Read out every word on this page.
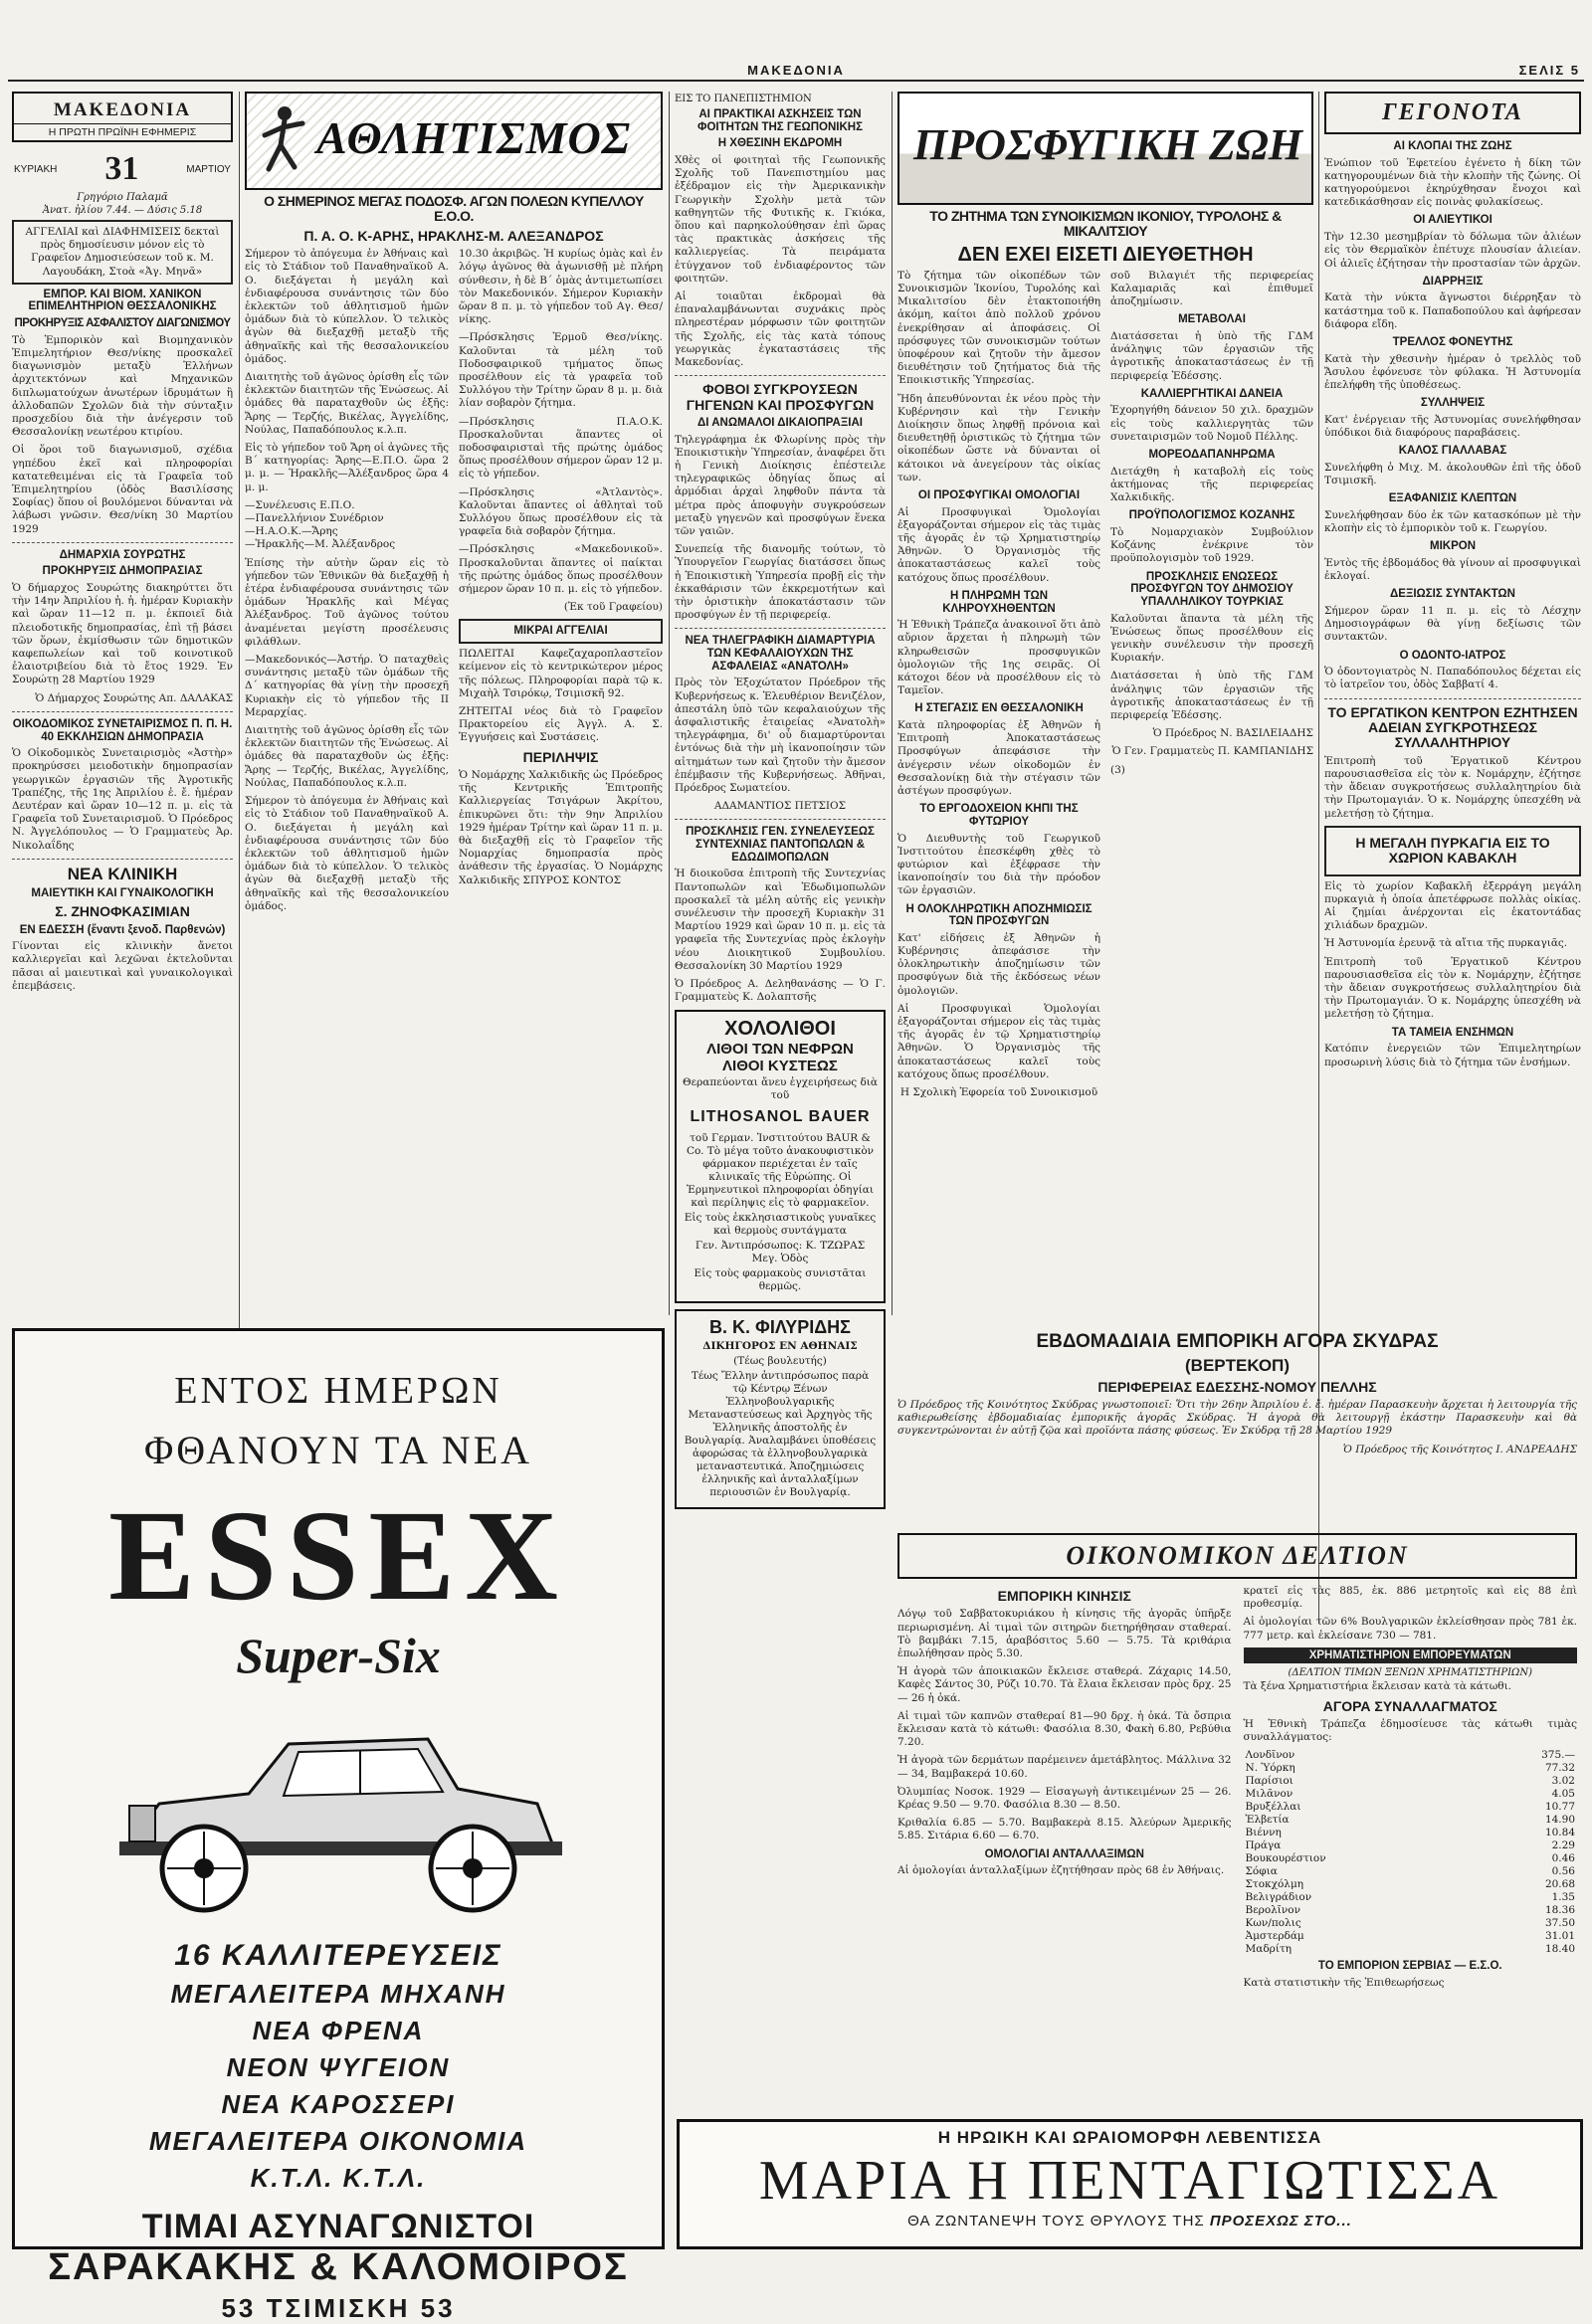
ΜΑΚΕΔΟΝΙΑ	ΣΕΛΙΣ 5
ΜΑΚΕΔΟΝΙΑ
Η ΠΡΩΤΗ ΠΡΩΪΝΗ ΕΦΗΜΕΡΙΣ
ΚΥΡΙΑΚΗ 31	ΜΑΡΤΙΟΥ
Γρηγόριο Παλαμᾶ
Ἀνατ. ἡλίου 7.44. — Δύσις 5.18
ΑΓΓΕΛΙΑΙ καὶ ΔΙΑΦΗΜΙΣΕΙΣ δεκταὶ πρὸς δημοσίευσιν μόνον εἰς τὸ Γραφεῖον Δημοσιεύσεων τοῦ κ. Μ. Λαγουδάκη, Στοὰ «Ἀγ. Μηνᾶ»
ΕΜΠΟΡ. ΚΑΙ ΒΙΟΜ. ΧΑΝΙΚΟΝ ΕΠΙΜΕΛΗΤΗΡΙΟΝ ΘΕΣΣΑΛΟΝΙΚΗΣ
ΠΡΟΚΗΡΥΞΙΣ ΑΣΦΑΛΙΣΤΟΥ ΔΙΑΓΩΝΙΣΜΟΥ

Τὸ Ἐμπορικὸν καὶ Βιομηχανικὸν Ἐπιμελητήριον Θεσ/νίκης προσκαλεῖ διαγωνισμὸν μεταξὺ Ἑλλήνων ἀρχιτεκτόνων καὶ Μηχανικῶν διπλωματούχων ἀνωτέρων ἱδρυμάτων ἢ ἀλλοδαπῶν Σχολῶν διὰ τὴν σύνταξιν προσχεδίου διὰ τὴν ἀνέγερσιν τοῦ Θεσσαλονίκῃ νεωτέρου κτιρίου.

Οἱ ὅροι τοῦ διαγωνισμοῦ, σχέδια γηπέδου ἐκεῖ καὶ πληροφορίαι κατατεθειμέναι εἰς τὰ Γραφεῖα τοῦ Ἐπιμελητηρίου (ὁδὸς Βασιλίσσης Σοφίας) ὅπου οἱ βουλόμενοι δύνανται νὰ λάβωσι γνῶσιν. Θεσ/νίκη 30 Μαρτίου 1929

ΔΗΜΑΡΧΙΑ ΣΟΥΡΩΤΗΣ
ΠΡΟΚΗΡΥΞΙΣ ΔΗΜΟΠΡΑΣΙΑΣ

Ὁ δήμαρχος Σουρώτης διακηρύττει ὅτι τὴν 14ην Ἀπριλίου ἡ. ἡ. ἡμέραν Κυριακὴν καὶ ὥραν 11—12 π. μ. ἐκποιεῖ διὰ πλειοδοτικῆς δημοπρασίας, ἐπὶ τῇ βάσει τῶν ὅρων, ἐκμίσθωσιν τῶν δημοτικῶν καφεπωλείων καὶ τοῦ κοινοτικοῦ ἐλαιοτριβείου διὰ τὸ ἔτος 1929. Ἐν Σουρώτῃ 28 Μαρτίου 1929

Ὁ Δήμαρχος Σουρώτης Απ. ΔΑΛΑΚΑΣ

ΟΙΚΟΔΟΜΙΚΟΣ ΣΥΝΕΤΑΙΡΙΣΜΟΣ Π. Π. Η. 40 ΕΚΚΛΗΣΙΩΝ ΔΗΜΟΠΡΑΣΙΑ

Ὁ Οἰκοδομικὸς Συνεταιρισμὸς «Ἀστὴρ» προκηρύσσει μειοδοτικὴν δημοπρασίαν γεωργικῶν ἐργασιῶν τῆς Ἀγροτικῆς Τραπέζης, τῆς 1ης Ἀπριλίου ἐ. ἔ. ἡμέραν Δευτέραν καὶ ὥραν 10—12 π. μ. εἰς τὰ Γραφεῖα τοῦ Συνεταιρισμοῦ. Ὁ Πρόεδρος Ν. Ἀγγελόπουλος — Ὁ Γραμματεὺς Ἀρ. Νικολαΐδης

ΝΕΑ ΚΛΙΝΙΚΗ
ΜΑΙΕΥΤΙΚΗ ΚΑΙ ΓΥΝΑΙΚΟΛΟΓΙΚΗ
Σ. ΖΗΝΟΦΚΑΣΙΜΙΑΝ
ΕΝ ΕΔΕΣΣΗ (ἔναντι ξενοδ. Παρθενών)

Γίνονται εἰς κλινικὴν ἄνετοι καλλιεργεῖαι καὶ λεχῶναι ἐκτελοῦνται πᾶσαι αἱ μαιευτικαὶ καὶ γυναικολογικαὶ ἐπεμβάσεις.

ΑΘΛΗΤΙΣΜΟΣ
Ο ΣΗΜΕΡΙΝΟΣ ΜΕΓΑΣ ΠΟΔΟΣΦ. ΑΓΩΝ ΠΟΛΕΩΝ ΚΥΠΕΛΛΟΥ Ε.Ο.Ο.
Π. Α. Ο. Κ-ΑΡΗΣ, ΗΡΑΚΛΗΣ-Μ. ΑΛΕΞΑΝΔΡΟΣ

Σήμερον τὸ ἀπόγευμα ἐν Ἀθήναις καὶ εἰς τὸ Στάδιον τοῦ Παναθηναϊκοῦ Α. Ο. διεξάγεται ἡ μεγάλη καὶ ἐνδιαφέρουσα συνάντησις τῶν δύο ἐκλεκτῶν τοῦ ἀθλητισμοῦ ἡμῶν ὁμάδων διὰ τὸ κύπελλον. Ὁ τελικὸς ἀγὼν θὰ διεξαχθῇ μεταξὺ τῆς ἀθηναϊκῆς καὶ τῆς θεσσαλονικείου ὁμάδος.

Διαιτητὴς τοῦ ἀγῶνος ὀρίσθη εἷς τῶν ἐκλεκτῶν διαιτητῶν τῆς Ἑνώσεως. Αἱ ὁμάδες θὰ παραταχθοῦν ὡς ἑξῆς: Ἄρης — Τερζής, Βικέλας, Ἀγγελίδης, Νούλας, Παπαδόπουλος κ.λ.π.

Εἰς τὸ γήπεδον τοῦ Ἄρη οἱ ἀγῶνες τῆς Β΄ κατηγορίας: Ἄρης—Ε.Π.Ο. ὥρα 2 μ. μ. — Ἡρακλῆς—Ἀλέξανδρος ὥρα 4 μ. μ.

—Συνέλευσις Ε.Π.Ο.
—Πανελλήνιον Συνέδριον
—Η.Α.Ο.Κ.—Ἄρης
—Ἡρακλῆς—Μ. Ἀλέξανδρος

Ἐπίσης τὴν αὐτὴν ὥραν εἰς τὸ γήπεδον τῶν Ἐθνικῶν θὰ διεξαχθῇ ἡ ἑτέρα ἐνδιαφέρουσα συνάντησις τῶν ὁμάδων Ἡρακλῆς καὶ Μέγας Ἀλέξανδρος. Τοῦ ἀγῶνος τούτου ἀναμένεται μεγίστη προσέλευσις φιλάθλων.

—Μακεδονικός—Ἀστήρ. Ὁ παταχθεὶς συνάντησις μεταξὺ τῶν ὁμάδων τῆς Δ΄ κατηγορίας θὰ γίνῃ τὴν προσεχῆ Κυριακὴν εἰς τὸ γήπεδον τῆς ΙΙ Μεραρχίας.

Διαιτητὴς τοῦ ἀγῶνος ὀρίσθη εἷς τῶν ἐκλεκτῶν διαιτητῶν τῆς Ἑνώσεως. Αἱ ὁμάδες θὰ παραταχθοῦν ὡς ἑξῆς: Ἄρης — Τερζής, Βικέλας, Ἀγγελίδης, Νούλας, Παπαδόπουλος κ.λ.π.

Σήμερον τὸ ἀπόγευμα ἐν Ἀθήναις καὶ εἰς τὸ Στάδιον τοῦ Παναθηναϊκοῦ Α. Ο. διεξάγεται ἡ μεγάλη καὶ ἐνδιαφέρουσα συνάντησις τῶν δύο ἐκλεκτῶν τοῦ ἀθλητισμοῦ ἡμῶν ὁμάδων διὰ τὸ κύπελλον. Ὁ τελικὸς ἀγὼν θὰ διεξαχθῇ μεταξὺ τῆς ἀθηναϊκῆς καὶ τῆς θεσσαλονικείου ὁμάδος.

10.30 ἀκριβῶς. Ἡ κυρίως ὁμὰς καὶ ἐν λόγῳ ἀγῶνος θὰ ἀγωνισθῇ μὲ πλήρη σύνθεσιν, ἡ δὲ Β΄ ὁμὰς ἀντιμετωπίσει τὸν Μακεδονικόν. Σήμερον Κυριακὴν ὥραν 8 π. μ. τὸ γήπεδον τοῦ Αγ. Θεσ/νίκης.

—Πρόσκλησις Ἐρμοῦ Θεσ/νίκης. Καλοῦνται τὰ μέλη τοῦ Ποδοσφαιρικοῦ τμήματος ὅπως προσέλθουν εἰς τὰ γραφεῖα τοῦ Συλλόγου τὴν Τρίτην ὥραν 8 μ. μ. διὰ λίαν σοβαρὸν ζήτημα.

—Πρόσκλησις Π.Α.Ο.Κ. Προσκαλοῦνται ἅπαντες οἱ ποδοσφαιρισταὶ τῆς πρώτης ὁμάδος ὅπως προσέλθουν σήμερον ὥραν 12 μ. εἰς τὸ γήπεδον.

—Πρόσκλησις «Ἀτλαντὸς». Καλοῦνται ἅπαντες οἱ ἀθληταὶ τοῦ Συλλόγου ὅπως προσέλθουν εἰς τὰ γραφεῖα διὰ σοβαρὸν ζήτημα.

—Πρόσκλησις «Μακεδονικοῦ». Προσκαλοῦνται ἅπαντες οἱ παίκται τῆς πρώτης ὁμάδος ὅπως προσέλθουν σήμερον ὥραν 10 π. μ. εἰς τὸ γήπεδον.

(Ἐκ τοῦ Γραφείου)

ΜΙΚΡΑΙ ΑΓΓΕΛΙΑΙ

ΠΩΛΕΙΤΑΙ Καφεζαχαροπλαστεῖον κείμενον εἰς τὸ κεντρικώτερον μέρος τῆς πόλεως. Πληροφορίαι παρὰ τῷ κ. Μιχαὴλ Τσιρόκῳ, Τσιμισκῆ 92.

ΖΗΤΕΙΤΑΙ νέος διὰ τὸ Γραφεῖον Πρακτορείου εἰς Ἀγγλ. Α. Σ. Ἐγγυήσεις καὶ Συστάσεις.

ΠΕΡΙΛΗΨΙΣ

Ὁ Νομάρχης Χαλκιδικῆς ὡς Πρόεδρος τῆς Κεντρικῆς Ἐπιτροπῆς Καλλιεργείας Τσιγάρων Ἀκρίτου, ἐπικυρῶνει ὅτι: τὴν 9ην Ἀπριλίου 1929 ἡμέραν Τρίτην καὶ ὥραν 11 π. μ. θὰ διεξαχθῇ εἰς τὸ Γραφεῖον τῆς Νομαρχίας δημοπρασία πρὸς ἀνάθεσιν τῆς ἐργασίας. Ὁ Νομάρχης Χαλκιδικῆς ΣΠΥΡΟΣ ΚΟΝΤΟΣ

ΕΙΣ ΤΟ ΠΑΝΕΠΙΣΤΗΜΙΟΝ
ΑΙ ΠΡΑΚΤΙΚΑΙ ΑΣΚΗΣΕΙΣ ΤΩΝ ΦΟΙΤΗΤΩΝ ΤΗΣ ΓΕΩΠΟΝΙΚΗΣ
Η ΧΘΕΣΙΝΗ ΕΚΔΡΟΜΗ

Χθὲς οἱ φοιτηταὶ τῆς Γεωπονικῆς Σχολῆς τοῦ Πανεπιστημίου μας ἐξέδραμον εἰς τὴν Ἀμερικανικὴν Γεωργικὴν Σχολὴν μετὰ τῶν καθηγητῶν τῆς Φυτικῆς κ. Γκιόκα, ὅπου καὶ παρηκολούθησαν ἐπὶ ὥρας τὰς πρακτικὰς ἀσκήσεις τῆς καλλιεργείας. Τὰ πειράματα ἐτύγχανον τοῦ ἐνδιαφέροντος τῶν φοιτητῶν.

Αἱ τοιαῦται ἐκδρομαὶ θὰ ἐπαναλαμβάνωνται συχνάκις πρὸς πληρεστέραν μόρφωσιν τῶν φοιτητῶν τῆς Σχολῆς, εἰς τὰς κατὰ τόπους γεωργικὰς ἐγκαταστάσεις τῆς Μακεδονίας.

ΦΟΒΟΙ ΣΥΓΚΡΟΥΣΕΩΝ ΓΗΓΕΝΩΝ ΚΑΙ ΠΡΟΣΦΥΓΩΝ
ΔΙ ΑΝΩΜΑΛΟΙ ΔΙΚΑΙΟΠΡΑΞΙΑΙ

Τηλεγράφημα ἐκ Φλωρίνης πρὸς τὴν Ἐποικιστικὴν Ὑπηρεσίαν, ἀναφέρει ὅτι ἡ Γενικὴ Διοίκησις ἐπέστειλε τηλεγραφικῶς ὁδηγίας ὅπως αἱ ἀρμόδιαι ἀρχαὶ ληφθοῦν πάντα τὰ μέτρα πρὸς ἀποφυγὴν συγκρούσεων μεταξὺ γηγενῶν καὶ προσφύγων ἕνεκα τῶν γαιῶν.

Συνεπείᾳ τῆς διανομῆς τούτων, τὸ Ὑπουργεῖον Γεωργίας διατάσσει ὅπως ἡ Ἐποικιστικὴ Ὑπηρεσία προβῇ εἰς τὴν ἐκκαθάρισιν τῶν ἐκκρεμοτήτων καὶ τὴν ὁριστικὴν ἀποκατάστασιν τῶν προσφύγων ἐν τῇ περιφερείᾳ.

ΝΕΑ ΤΗΛΕΓΡΑΦΙΚΗ ΔΙΑΜΑΡΤΥΡΙΑ ΤΩΝ ΚΕΦΑΛΑΙΟΥΧΩΝ ΤΗΣ ΑΣΦΑΛΕΙΑΣ «ΑΝΑΤΟΛΗ»

Πρὸς τὸν Ἐξοχώτατον Πρόεδρον τῆς Κυβερνήσεως κ. Ἐλευθέριον Βενιζέλον, ἀπεστάλη ὑπὸ τῶν κεφαλαιούχων τῆς ἀσφαλιστικῆς ἑταιρείας «Ἀνατολὴ» τηλεγράφημα, δι' οὗ διαμαρτύρονται ἐντόνως διὰ τὴν μὴ ἱκανοποίησιν τῶν αἰτημάτων των καὶ ζητοῦν τὴν ἄμεσον ἐπέμβασιν τῆς Κυβερνήσεως. Ἀθῆναι, Πρόεδρος Σωματείου.

ΑΔΑΜΑΝΤΙΟΣ ΠΕΤΣΙΟΣ

ΠΡΟΣΚΛΗΣΙΣ ΓΕΝ. ΣΥΝΕΛΕΥΣΕΩΣ ΣΥΝΤΕΧΝΙΑΣ ΠΑΝΤΟΠΩΛΩΝ & ΕΔΩΔΙΜΟΠΩΛΩΝ

Ἡ διοικοῦσα ἐπιτροπὴ τῆς Συντεχνίας Παντοπωλῶν καὶ Ἐδωδιμοπωλῶν προσκαλεῖ τὰ μέλη αὐτῆς εἰς γενικὴν συνέλευσιν τὴν προσεχῆ Κυριακὴν 31 Μαρτίου 1929 καὶ ὥραν 10 π. μ. εἰς τὰ γραφεῖα τῆς Συντεχνίας πρὸς ἐκλογὴν νέου Διοικητικοῦ Συμβουλίου. Θεσσαλονίκη 30 Μαρτίου 1929

Ὁ Πρόεδρος Α. Δεληθανάσης — Ὁ Γ. Γραμματεὺς Κ. Δολαπτσῆς

ΧΟΛΟΛΙΘΟΙ
ΛΙΘΟΙ ΤΩΝ ΝΕΦΡΩΝ
ΛΙΘΟΙ ΚΥΣΤΕΩΣ
Θεραπεύονται ἄνευ ἐγχειρήσεως διὰ τοῦ
LITHOSANOL BAUER
τοῦ Γερμαν. Ἰνστιτούτου BAUR & Co. Τὸ μέγα τοῦτο ἀνακουφιστικὸν φάρμακον περιέχεται ἐν ταῖς κλινικαῖς τῆς Εὐρώπης. Οἱ Ἑρμηνευτικοὶ πληροφορίαι ὁδηγίαι καὶ περίληψις εἰς τὸ φαρμακεῖον.
Εἰς τοὺς ἐκκλησιαστικοὺς γυναῖκες καὶ θερμοὺς συντάγματα
Γεν. Ἀντιπρόσωπος: Κ. ΤΖΩΡΑΣ Μεγ. Ὁδὸς
Εἰς τοὺς φαρμακοὺς συνιστᾶται θερμῶς.
Β. Κ. ΦΙΛΥΡΙΔΗΣ
ΔΙΚΗΓΟΡΟΣ ΕΝ ΑΘΗΝΑΙΣ
(Τέως βουλευτής)
Τέως Ἔλλην ἀντιπρόσωπος παρὰ τῷ Κέντρῳ Ξένων Ἐλληνοβουλγαρικῆς Μεταναστεύσεως καὶ Ἀρχηγὸς τῆς Ἐλληνικῆς ἀποστολῆς ἐν Βουλγαρίᾳ. Ἀναλαμβάνει ὑποθέσεις ἀφορώσας τὰ ἐλληνοβουλγαρικὰ μεταναστευτικά. Ἀποζημιώσεις ἐλληνικῆς καὶ ἀνταλλαξίμων περιουσιῶν ἐν Βουλγαρίᾳ.
ΠΡΟΣΦΥΓΙΚΗ ΖΩΗ
ΤΟ ΖΗΤΗΜΑ ΤΩΝ ΣΥΝΟΙΚΙΣΜΩΝ ΙΚΟΝΙΟΥ, ΤΥΡΟΛΟΗΣ & ΜΙΚΑΛΙΤΣΙΟΥ
ΔΕΝ ΕΧΕΙ ΕΙΣΕΤΙ ΔΙΕΥΘΕΤΗΘΗ

Τὸ ζήτημα τῶν οἰκοπέδων τῶν Συνοικισμῶν Ἰκονίου, Τυρολόης καὶ Μικαλιτσίου δὲν ἐτακτοποιήθη ἀκόμη, καίτοι ἀπὸ πολλοῦ χρόνου ἐνεκρίθησαν αἱ ἀποφάσεις. Οἱ πρόσφυγες τῶν συνοικισμῶν τούτων ὑποφέρουν καὶ ζητοῦν τὴν ἄμεσον διευθέτησιν τοῦ ζητήματος διὰ τῆς Ἐποικιστικῆς Ὑπηρεσίας.

Ἤδη ἀπευθύνονται ἐκ νέου πρὸς τὴν Κυβέρνησιν καὶ τὴν Γενικὴν Διοίκησιν ὅπως ληφθῇ πρόνοια καὶ διευθετηθῇ ὁριστικῶς τὸ ζήτημα τῶν οἰκοπέδων ὥστε νὰ δύνανται οἱ κάτοικοι νὰ ἀνεγείρουν τὰς οἰκίας των.

ΟΙ ΠΡΟΣΦΥΓΙΚΑΙ ΟΜΟΛΟΓΙΑΙ

Αἱ Προσφυγικαὶ Ὁμολογίαι ἐξαγοράζονται σήμερον εἰς τὰς τιμὰς τῆς ἀγορᾶς ἐν τῷ Χρηματιστηρίῳ Ἀθηνῶν. Ὁ Ὀργανισμὸς τῆς ἀποκαταστάσεως καλεῖ τοὺς κατόχους ὅπως προσέλθουν.

Η ΠΛΗΡΩΜΗ ΤΩΝ ΚΛΗΡΟΥΧΗΘΕΝΤΩΝ

Ἡ Ἐθνικὴ Τράπεζα ἀνακοινοῖ ὅτι ἀπὸ αὔριον ἄρχεται ἡ πληρωμὴ τῶν κληρωθεισῶν προσφυγικῶν ὁμολογιῶν τῆς 1ης σειρᾶς. Οἱ κάτοχοι δέον νὰ προσέλθουν εἰς τὸ Ταμεῖον.

Η ΣΤΕΓΑΣΙΣ ΕΝ ΘΕΣΣΑΛΟΝΙΚΗ

Κατὰ πληροφορίας ἐξ Ἀθηνῶν ἡ Ἐπιτροπὴ Ἀποκαταστάσεως Προσφύγων ἀπεφάσισε τὴν ἀνέγερσιν νέων οἰκοδομῶν ἐν Θεσσαλονίκῃ διὰ τὴν στέγασιν τῶν ἀστέγων προσφύγων.

ΤΟ ΕΡΓΟΔΟΧΕΙΟΝ ΚΗΠΙ ΤΗΣ ΦΥΤΩΡΙΟΥ

Ὁ Διευθυντὴς τοῦ Γεωργικοῦ Ἰνστιτούτου ἐπεσκέφθη χθὲς τὸ φυτώριον καὶ ἐξέφρασε τὴν ἱκανοποίησίν του διὰ τὴν πρόοδον τῶν ἐργασιῶν.

Η ΟΛΟΚΛΗΡΩΤΙΚΗ ΑΠΟΖΗΜΙΩΣΙΣ ΤΩΝ ΠΡΟΣΦΥΓΩΝ

Κατ' εἰδήσεις ἐξ Ἀθηνῶν ἡ Κυβέρνησις ἀπεφάσισε τὴν ὁλοκληρωτικὴν ἀποζημίωσιν τῶν προσφύγων διὰ τῆς ἐκδόσεως νέων ὁμολογιῶν.

Αἱ Προσφυγικαὶ Ὁμολογίαι ἐξαγοράζονται σήμερον εἰς τὰς τιμὰς τῆς ἀγορᾶς ἐν τῷ Χρηματιστηρίῳ Ἀθηνῶν. Ὁ Ὀργανισμὸς τῆς ἀποκαταστάσεως καλεῖ τοὺς κατόχους ὅπως προσέλθουν.

Η Σχολικὴ Ἐφορεία τοῦ Συνοικισμοῦ

σοῦ Βιλαγιέτ τῆς περιφερείας Καλαμαριᾶς καὶ ἐπιθυμεῖ ἀποζημίωσιν.

ΜΕΤΑΒΟΛΑΙ

Διατάσσεται ἡ ὑπὸ τῆς ΓΔΜ ἀνάληψις τῶν ἐργασιῶν τῆς ἀγροτικῆς ἀποκαταστάσεως ἐν τῇ περιφερείᾳ Ἐδέσσης.

ΚΑΛΛΙΕΡΓΗΤΙΚΑΙ ΔΑΝΕΙΑ

Ἐχορηγήθη δάνειον 50 χιλ. δραχμῶν εἰς τοὺς καλλιεργητὰς τῶν συνεταιρισμῶν τοῦ Νομοῦ Πέλλης.

ΜΟΡΕΟΔΑΠΑΝΗΡΩΜΑ

Διετάχθη ἡ καταβολὴ εἰς τοὺς ἀκτήμονας τῆς περιφερείας Χαλκιδικῆς.

ΠΡΟΫΠΟΛΟΓΙΣΜΟΣ ΚΟΖΑΝΗΣ

Τὸ Νομαρχιακὸν Συμβούλιον Κοζάνης ἐνέκρινε τὸν προϋπολογισμὸν τοῦ 1929.

ΠΡΟΣΚΛΗΣΙΣ ΕΝΩΣΕΩΣ ΠΡΟΣΦΥΓΩΝ ΤΟΥ ΔΗΜΟΣΙΟΥ ΥΠΑΛΛΗΛΙΚΟΥ ΤΟΥΡΚΙΑΣ

Καλοῦνται ἅπαντα τὰ μέλη τῆς Ἑνώσεως ὅπως προσέλθουν εἰς γενικὴν συνέλευσιν τὴν προσεχῆ Κυριακήν.

Διατάσσεται ἡ ὑπὸ τῆς ΓΔΜ ἀνάληψις τῶν ἐργασιῶν τῆς ἀγροτικῆς ἀποκαταστάσεως ἐν τῇ περιφερείᾳ Ἐδέσσης.

Ὁ Πρόεδρος Ν. ΒΑΣΙΛΕΙΑΔΗΣ

Ὁ Γεν. Γραμματεὺς Π. ΚΑΜΠΑΝΙΔΗΣ

(3)

ΓΕΓΟΝΟΤΑ
ΑΙ ΚΛΟΠΑΙ ΤΗΣ ΖΩΗΣ

Ἐνώπιον τοῦ Ἐφετείου ἐγένετο ἡ δίκη τῶν κατηγορουμένων διὰ τὴν κλοπὴν τῆς ζώνης. Οἱ κατηγορούμενοι ἐκηρύχθησαν ἔνοχοι καὶ κατεδικάσθησαν εἰς ποινὰς φυλακίσεως.

ΟΙ ΑΛΙΕΥΤΙΚΟΙ

Τὴν 12.30 μεσημβρίαν τὸ δόλωμα τῶν ἁλιέων εἰς τὸν Θερμαϊκὸν ἐπέτυχε πλουσίαν ἁλιείαν. Οἱ ἁλιεῖς ἐζήτησαν τὴν προστασίαν τῶν ἀρχῶν.

ΔΙΑΡΡΗΞΙΣ

Κατὰ τὴν νύκτα ἄγνωστοι διέρρηξαν τὸ κατάστημα τοῦ κ. Παπαδοπούλου καὶ ἀφήρεσαν διάφορα εἴδη.

ΤΡΕΛΛΟΣ ΦΟΝΕΥΤΗΣ

Κατὰ τὴν χθεσινὴν ἡμέραν ὁ τρελλὸς τοῦ Ἄσυλου ἐφόνευσε τὸν φύλακα. Ἡ Ἀστυνομία ἐπελήφθη τῆς ὑποθέσεως.

ΣΥΛΛΗΨΕΙΣ

Κατ' ἐνέργειαν τῆς Ἀστυνομίας συνελήφθησαν ὑπόδικοι διὰ διαφόρους παραβάσεις.

ΚΑΛΟΣ ΓΙΑΛΛΑΒΑΣ

Συνελήφθη ὁ Μιχ. Μ. ἀκολουθῶν ἐπὶ τῆς ὁδοῦ Τσιμισκῆ.

ΕΞΑΦΑΝΙΣΙΣ ΚΛΕΠΤΩΝ

Συνελήφθησαν δύο ἐκ τῶν κατασκόπων μὲ τὴν κλοπὴν εἰς τὸ ἐμπορικὸν τοῦ κ. Γεωργίου.

ΜΙΚΡΟΝ

Ἐντὸς τῆς ἐβδομάδος θὰ γίνουν αἱ προσφυγικαὶ ἐκλογαί.

ΔΕΞΙΩΣΙΣ ΣΥΝΤΑΚΤΩΝ

Σήμερον ὥραν 11 π. μ. εἰς τὸ Λέσχην Δημοσιογράφων θὰ γίνῃ δεξίωσις τῶν συντακτῶν.

Ο ΟΔΟΝΤΟ-ΙΑΤΡΟΣ

Ὁ ὀδοντογιατρὸς Ν. Παπαδόπουλος δέχεται εἰς τὸ ἰατρεῖον του, ὁδὸς Σαββατί 4.

ΤΟ ΕΡΓΑΤΙΚΟΝ ΚΕΝΤΡΟΝ ΕΖΗΤΗΣΕΝ ΑΔΕΙΑΝ ΣΥΓΚΡΟΤΗΣΕΩΣ ΣΥΛΛΑΛΗΤΗΡΙΟΥ

Ἐπιτροπὴ τοῦ Ἐργατικοῦ Κέντρου παρουσιασθεῖσα εἰς τὸν κ. Νομάρχην, ἐζήτησε τὴν ἄδειαν συγκροτήσεως συλλαλητηρίου διὰ τὴν Πρωτομαγιάν. Ὁ κ. Νομάρχης ὑπεσχέθη νὰ μελετήσῃ τὸ ζήτημα.

Η ΜΕΓΑΛΗ ΠΥΡΚΑΓΙΑ ΕΙΣ ΤΟ ΧΩΡΙΟΝ ΚΑΒΑΚΛΗ

Εἰς τὸ χωρίον Καβακλῆ ἐξερράγη μεγάλη πυρκαγιὰ ἡ ὁποία ἀπετέφρωσε πολλὰς οἰκίας. Αἱ ζημίαι ἀνέρχονται εἰς ἑκατοντάδας χιλιάδων δραχμῶν.

Ἡ Ἀστυνομία ἐρευνᾷ τὰ αἴτια τῆς πυρκαγιᾶς.

Ἐπιτροπὴ τοῦ Ἐργατικοῦ Κέντρου παρουσιασθεῖσα εἰς τὸν κ. Νομάρχην, ἐζήτησε τὴν ἄδειαν συγκροτήσεως συλλαλητηρίου διὰ τὴν Πρωτομαγιάν. Ὁ κ. Νομάρχης ὑπεσχέθη νὰ μελετήσῃ τὸ ζήτημα.

ΤΑ ΤΑΜΕΙΑ ΕΝΣΗΜΩΝ

Κατόπιν ἐνεργειῶν τῶν Ἐπιμελητηρίων προσωρινὴ λύσις διὰ τὸ ζήτημα τῶν ἐνσήμων.

ΕΒΔΟΜΑΔΙΑΙΑ ΕΜΠΟΡΙΚΗ ΑΓΟΡΑ ΣΚΥΔΡΑΣ
(ΒΕΡΤΕΚΟΠ)
ΠΕΡΙΦΕΡΕΙΑΣ ΕΔΕΣΣΗΣ-ΝΟΜΟΥ ΠΕΛΛΗΣ

Ὁ Πρόεδρος τῆς Κοινότητος Σκύδρας γνωστοποιεῖ: Ὅτι τὴν 26ην Ἀπριλίου ἐ. ἔ. ἡμέραν Παρασκευὴν ἄρχεται ἡ λειτουργία τῆς καθιερωθείσης ἑβδομαδιαίας ἐμπορικῆς ἀγορᾶς Σκύδρας. Ἡ ἀγορὰ θὰ λειτουργῇ ἑκάστην Παρασκευὴν καὶ θὰ συγκεντρώνονται ἐν αὐτῇ ζῷα καὶ προϊόντα πάσης φύσεως. Ἐν Σκύδρᾳ τῇ 28 Μαρτίου 1929

Ὁ Πρόεδρος τῆς Κοινότητος Ι. ΑΝΔΡΕΑΔΗΣ

ΟΙΚΟΝΟΜΙΚΟΝ ΔΕΛΤΙΟΝ
ΕΜΠΟΡΙΚΗ ΚΙΝΗΣΙΣ

Λόγῳ τοῦ Σαββατοκυριάκου ἡ κίνησις τῆς ἀγορᾶς ὑπῆρξε περιωρισμένη. Αἱ τιμαὶ τῶν σιτηρῶν διετηρήθησαν σταθεραί. Τὸ βαμβάκι 7.15, ἀραβόσιτος 5.60 — 5.75. Τὰ κριθάρια ἐπωλήθησαν πρὸς 5.30.

Ἡ ἀγορὰ τῶν ἀποικιακῶν ἔκλεισε σταθερά. Ζάχαρις 14.50, Καφὲς Σάντος 30, Ρύζι 10.70. Τὰ ἔλαια ἔκλεισαν πρὸς δρχ. 25 — 26 ἡ ὀκά.

Αἱ τιμαὶ τῶν καπνῶν σταθεραί 81—90 δρχ. ἡ ὀκά. Τὰ ὄσπρια ἔκλεισαν κατὰ τὸ κάτωθι: Φασόλια 8.30, Φακὴ 6.80, Ρεβύθια 7.20.

Ἡ ἀγορὰ τῶν δερμάτων παρέμεινεν ἀμετάβλητος. Μάλλινα 32 — 34, Βαμβακερά 10.60.

Ὀλυμπίας Νοσοκ. 1929 — Εἰσαγωγὴ ἀντικειμένων 25 — 26. Κρέας 9.50 — 9.70. Φασόλια 8.30 — 8.50.

Κριθαλία 6.85 — 5.70. Βαμβακερὰ 8.15. Ἀλεύρων Ἀμερικῆς 5.85. Σιτάρια 6.60 — 6.70.

ΟΜΟΛΟΓΙΑΙ ΑΝΤΑΛΛΑΞΙΜΩΝ

Αἱ ὁμολογίαι ἀνταλλαξίμων ἐζητήθησαν πρὸς 68 ἐν Ἀθήναις.

κρατεῖ εἰς τὰς 885, ἐκ. 886 μετρητοῖς καὶ εἰς 88 ἐπὶ προθεσμίᾳ.

Αἱ ὁμολογίαι τῶν 6% Βουλγαρικῶν ἐκλείσθησαν πρὸς 781 ἐκ. 777 μετρ. καὶ ἐκλείσανε 730 — 781.

ΧΡΗΜΑΤΙΣΤΗΡΙΟΝ ΕΜΠΟΡΕΥΜΑΤΩΝ
(ΔΕΛΤΙΟΝ ΤΙΜΩΝ ΞΕΝΩΝ ΧΡΗΜΑΤΙΣΤΗΡΙΩΝ)

Τὰ ξένα Χρηματιστήρια ἔκλεισαν κατὰ τὰ κάτωθι.

ΑΓΟΡΑ ΣΥΝΑΛΛΑΓΜΑΤΟΣ

Ἡ Ἐθνικὴ Τράπεζα ἐδημοσίευσε τὰς κάτωθι τιμὰς συναλλάγματος:

Λονδῖνον	375.—
Ν. Ὑόρκη	77.32
Παρίσιοι	3.02
Μιλᾶνον	4.05
Βρυξέλλαι	10.77
Ἐλβετία	14.90
Βιέννη	10.84
Πράγα	2.29
Βουκουρέστιον	0.46
Σόφια	0.56
Στοκχόλμη	20.68
Βελιγράδιον	1.35
Βερολῖνον	18.36
Κων/πολις	37.50
Ἀμστερδάμ	31.01
Μαδρίτη	18.40
ΤΟ ΕΜΠΟΡΙΟΝ ΣΕΡΒΙΑΣ — Ε.Σ.Ο.

Κατὰ στατιστικὴν τῆς Ἐπιθεωρήσεως

ΕΝΤΟΣ ΗΜΕΡΩΝ
ΦΘΑΝΟΥΝ ΤΑ ΝΕΑ
ESSEX
Super-Six
16 ΚΑΛΛΙΤΕΡΕΥΣΕΙΣ
ΜΕΓΑΛΕΙΤΕΡΑ ΜΗΧΑΝΗ
ΝΕΑ ΦΡΕΝΑ
ΝΕΟΝ ΨΥΓΕΙΟΝ
ΝΕΑ ΚΑΡΟΣΣΕΡΙ
ΜΕΓΑΛΕΙΤΕΡΑ ΟΙΚΟΝΟΜΙΑ
Κ.Τ.Λ. Κ.Τ.Λ.
ΤΙΜΑΙ ΑΣΥΝΑΓΩΝΙΣΤΟΙ
ΣΑΡΑΚΑΚΗΣ & ΚΑΛΟΜΟΙΡΟΣ
53 ΤΣΙΜΙΣΚΗ 53
Η ΗΡΩΙΚΗ ΚΑΙ ΩΡΑΙΟΜΟΡΦΗ ΛΕΒΕΝΤΙΣΣΑ
ΜΑΡΙΑ Η ΠΕΝΤΑΓΙΩΤΙΣΣΑ
ΘΑ ΖΩΝΤΑΝΕΨΗ ΤΟΥΣ ΘΡΥΛΟΥΣ ΤΗΣ ΠΡΟΣΕΧΩΣ ΣΤΟ...
